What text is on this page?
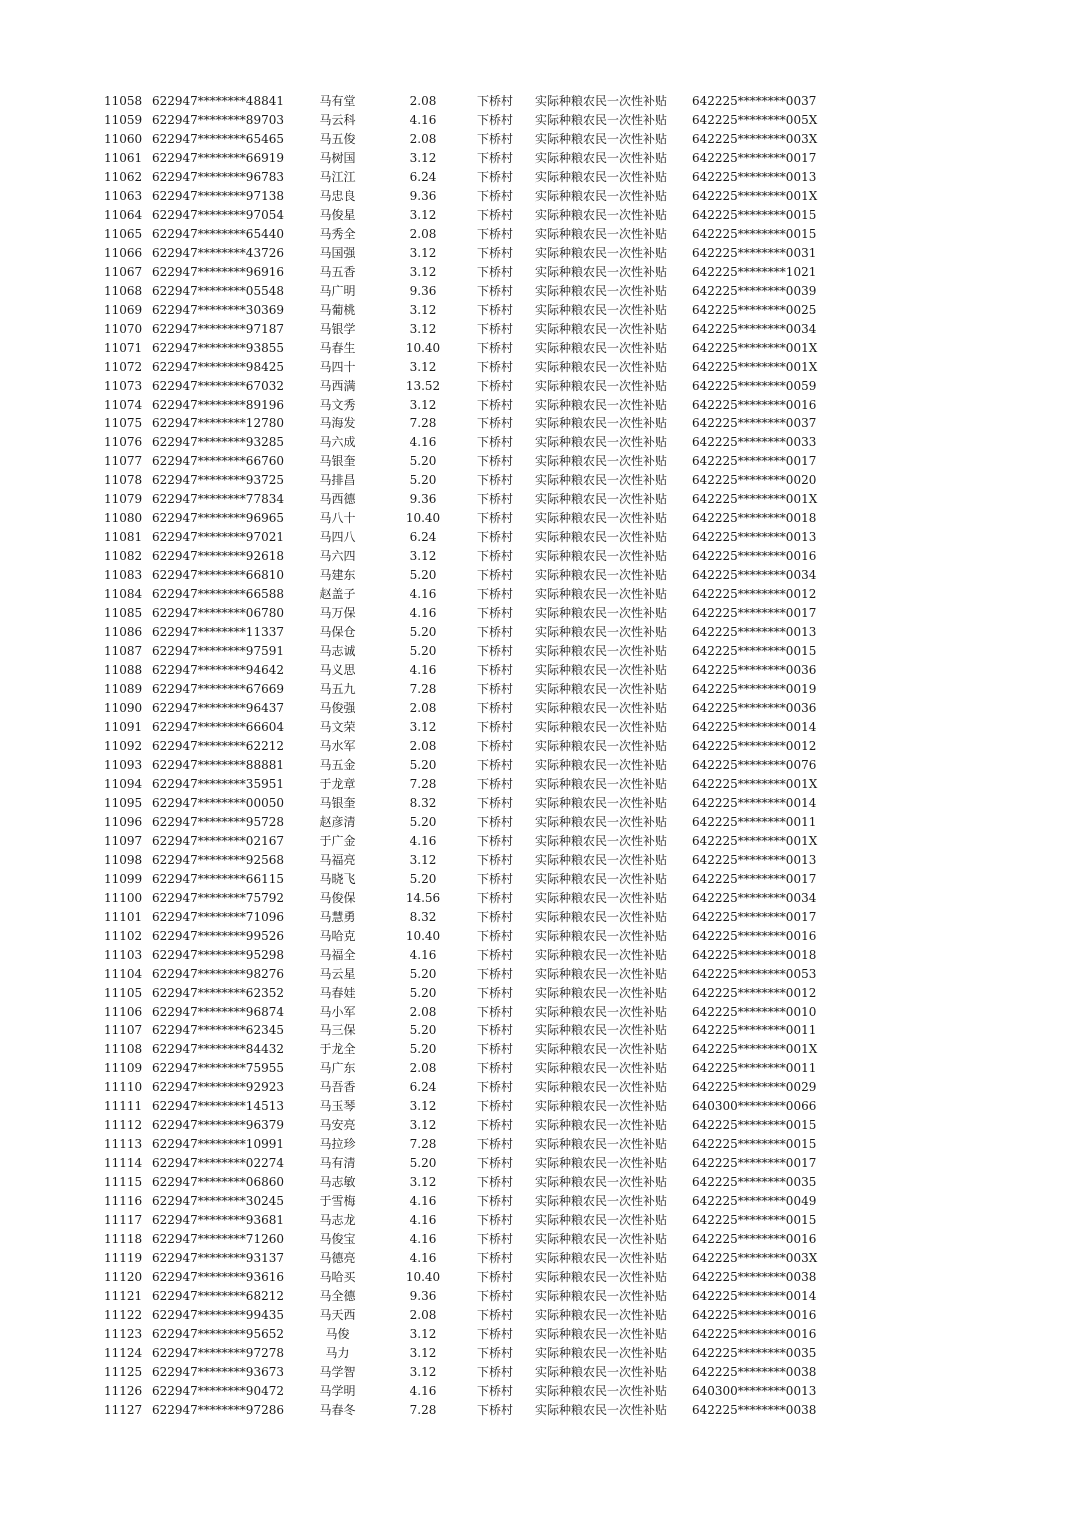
11058 622947********48841	马有堂	2.08	下桥村 实际种粮农民一次性补贴 642225********0037
11059 622947********89703	马云科	4.16	下桥村 实际种粮农民一次性补贴 642225********005X
11060 622947********65465	马五俊	2.08	下桥村 实际种粮农民一次性补贴 642225********003X
11061 622947********66919	马树国	3.12	下桥村 实际种粮农民一次性补贴 642225********0017
11062 622947********96783	马江江	6.24	下桥村 实际种粮农民一次性补贴 642225********0013
11063 622947********97138	马忠良	9.36	下桥村 实际种粮农民一次性补贴 642225********001X
11064 622947********97054	马俊星	3.12	下桥村 实际种粮农民一次性补贴 642225********0015
11065 622947********65440	马秀全	2.08	下桥村 实际种粮农民一次性补贴 642225********0015
11066 622947********43726	马国强	3.12	下桥村 实际种粮农民一次性补贴 642225********0031
11067 622947********96916	马五香	3.12	下桥村 实际种粮农民一次性补贴 642225********1021
11068 622947********05548	马广明	9.36	下桥村 实际种粮农民一次性补贴 642225********0039
11069 622947********30369	马葡桃	3.12	下桥村 实际种粮农民一次性补贴 642225********0025
11070 622947********97187	马银学	3.12	下桥村 实际种粮农民一次性补贴 642225********0034
11071 622947********93855	马春生	10.40	下桥村 实际种粮农民一次性补贴 642225********001X
11072 622947********98425	马四十	3.12	下桥村 实际种粮农民一次性补贴 642225********001X
11073 622947********67032	马西满	13.52	下桥村 实际种粮农民一次性补贴 642225********0059
11074 622947********89196	马文秀	3.12	下桥村 实际种粮农民一次性补贴 642225********0016
11075 622947********12780	马海发	7.28	下桥村 实际种粮农民一次性补贴 642225********0037
11076 622947********93285	马六成	4.16	下桥村 实际种粮农民一次性补贴 642225********0033
11077 622947********66760	马银奎	5.20	下桥村 实际种粮农民一次性补贴 642225********0017
11078 622947********93725	马排昌	5.20	下桥村 实际种粮农民一次性补贴 642225********0020
11079 622947********77834	马西德	9.36	下桥村 实际种粮农民一次性补贴 642225********001X
11080 622947********96965	马八十	10.40	下桥村 实际种粮农民一次性补贴 642225********0018
11081 622947********97021	马四八	6.24	下桥村 实际种粮农民一次性补贴 642225********0013
11082 622947********92618	马六四	3.12	下桥村 实际种粮农民一次性补贴 642225********0016
11083 622947********66810	马建东	5.20	下桥村 实际种粮农民一次性补贴 642225********0034
11084 622947********66588	赵盖子	4.16	下桥村 实际种粮农民一次性补贴 642225********0012
11085 622947********06780	马万保	4.16	下桥村 实际种粮农民一次性补贴 642225********0017
11086 622947********11337	马保仓	5.20	下桥村 实际种粮农民一次性补贴 642225********0013
11087 622947********97591	马志诚	5.20	下桥村 实际种粮农民一次性补贴 642225********0015
11088 622947********94642	马义思	4.16	下桥村 实际种粮农民一次性补贴 642225********0036
11089 622947********67669	马五九	7.28	下桥村 实际种粮农民一次性补贴 642225********0019
11090 622947********96437	马俊强	2.08	下桥村 实际种粮农民一次性补贴 642225********0036
11091 622947********66604	马文荣	3.12	下桥村 实际种粮农民一次性补贴 642225********0014
11092 622947********62212	马水军	2.08	下桥村 实际种粮农民一次性补贴 642225********0012
11093 622947********88881	马五金	5.20	下桥村 实际种粮农民一次性补贴 642225********0076
11094 622947********35951	于龙章	7.28	下桥村 实际种粮农民一次性补贴 642225********001X
11095 622947********00050	马银奎	8.32	下桥村 实际种粮农民一次性补贴 642225********0014
11096 622947********95728	赵彦清	5.20	下桥村 实际种粮农民一次性补贴 642225********0011
11097 622947********02167	于广金	4.16	下桥村 实际种粮农民一次性补贴 642225********001X
11098 622947********92568	马福亮	3.12	下桥村 实际种粮农民一次性补贴 642225********0013
11099 622947********66115	马晓飞	5.20	下桥村 实际种粮农民一次性补贴 642225********0017
11100 622947********75792	马俊保	14.56	下桥村 实际种粮农民一次性补贴 642225********0034
11101 622947********71096	马慧勇	8.32	下桥村 实际种粮农民一次性补贴 642225********0017
11102 622947********99526	马哈克	10.40	下桥村 实际种粮农民一次性补贴 642225********0016
11103 622947********95298	马福全	4.16	下桥村 实际种粮农民一次性补贴 642225********0018
11104 622947********98276	马云星	5.20	下桥村 实际种粮农民一次性补贴 642225********0053
11105 622947********62352	马春娃	5.20	下桥村 实际种粮农民一次性补贴 642225********0012
11106 622947********96874	马小军	2.08	下桥村 实际种粮农民一次性补贴 642225********0010
11107 622947********62345	马三保	5.20	下桥村 实际种粮农民一次性补贴 642225********0011
11108 622947********84432	于龙全	5.20	下桥村 实际种粮农民一次性补贴 642225********001X
11109 622947********75955	马广东	2.08	下桥村 实际种粮农民一次性补贴 642225********0011
11110 622947********92923	马吾香	6.24	下桥村 实际种粮农民一次性补贴 642225********0029
11111 622947********14513	马玉琴	3.12	下桥村 实际种粮农民一次性补贴 640300********0066
11112 622947********96379	马安亮	3.12	下桥村 实际种粮农民一次性补贴 642225********0015
11113 622947********10991	马拉珍	7.28	下桥村 实际种粮农民一次性补贴 642225********0015
11114 622947********02274	马有清	5.20	下桥村 实际种粮农民一次性补贴 642225********0017
11115 622947********06860	马志敏	3.12	下桥村 实际种粮农民一次性补贴 642225********0035
11116 622947********30245	于雪梅	4.16	下桥村 实际种粮农民一次性补贴 642225********0049
11117 622947********93681	马志龙	4.16	下桥村 实际种粮农民一次性补贴 642225********0015
11118 622947********71260	马俊宝	4.16	下桥村 实际种粮农民一次性补贴 642225********0016
11119 622947********93137	马德亮	4.16	下桥村 实际种粮农民一次性补贴 642225********003X
11120 622947********93616	马哈买	10.40	下桥村 实际种粮农民一次性补贴 642225********0038
11121 622947********68212	马全德	9.36	下桥村 实际种粮农民一次性补贴 642225********0014
11122 622947********99435	马天西	2.08	下桥村 实际种粮农民一次性补贴 642225********0016
11123 622947********95652	马俊	3.12	下桥村 实际种粮农民一次性补贴 642225********0016
11124 622947********97278	马力	3.12	下桥村 实际种粮农民一次性补贴 642225********0035
11125 622947********93673	马学智	3.12	下桥村 实际种粮农民一次性补贴 642225********0038
11126 622947********90472	马学明	4.16	下桥村 实际种粮农民一次性补贴 640300********0013
11127 622947********97286	马春冬	7.28	下桥村 实际种粮农民一次性补贴 642225********0038
